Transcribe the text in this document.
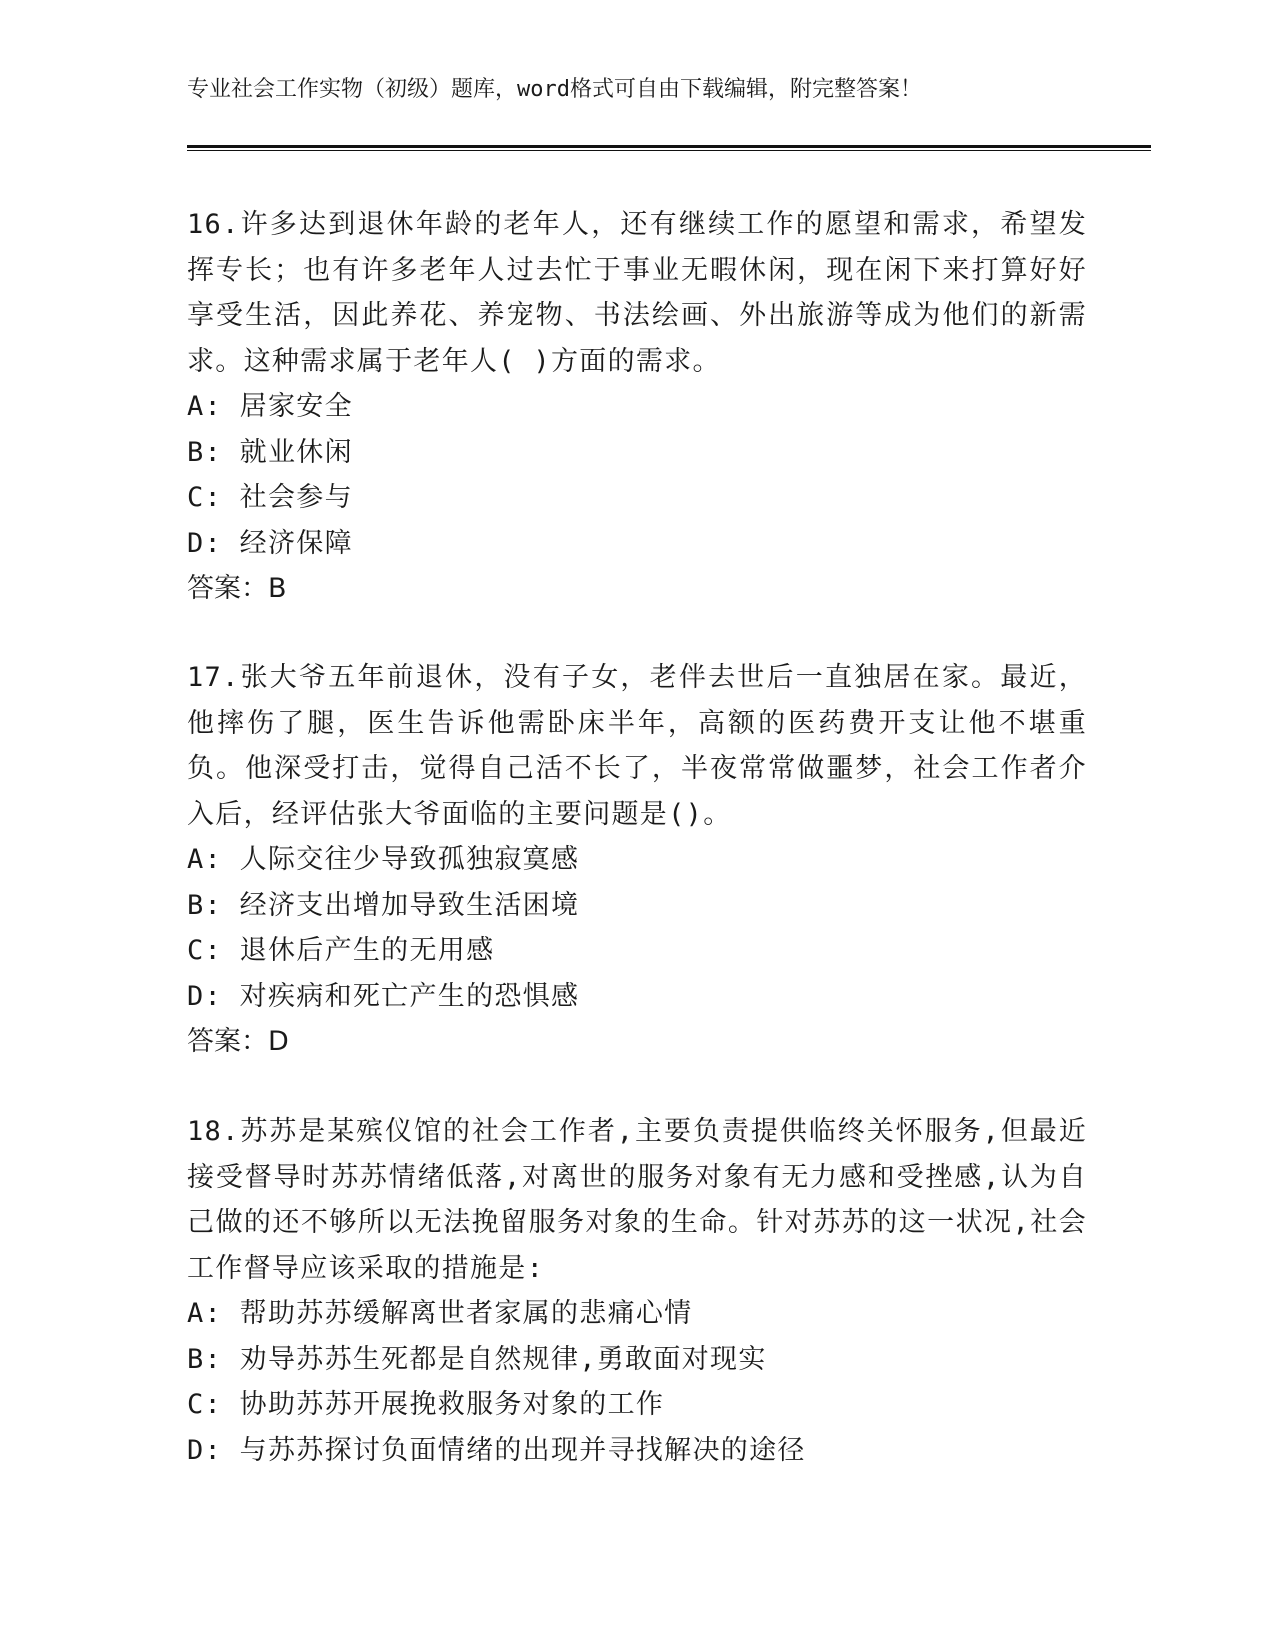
专业社会工作实物（初级）题库，word格式可自由下载编辑，附完整答案！

16.许多达到退休年龄的老年人，还有继续工作的愿望和需求，希望发挥专长；也有许多老年人过去忙于事业无暇休闲，现在闲下来打算好好享受生活，因此养花、养宠物、书法绘画、外出旅游等成为他们的新需求。这种需求属于老年人( )方面的需求。

A: 居家安全

B: 就业休闲

C: 社会参与

D: 经济保障

答案：B

17.张大爷五年前退休，没有子女，老伴去世后一直独居在家。最近，他摔伤了腿，医生告诉他需卧床半年，高额的医药费开支让他不堪重负。他深受打击，觉得自己活不长了，半夜常常做噩梦，社会工作者介入后，经评估张大爷面临的主要问题是()。

A: 人际交往少导致孤独寂寞感

B: 经济支出增加导致生活困境

C: 退休后产生的无用感

D: 对疾病和死亡产生的恐惧感

答案：D

18.苏苏是某殡仪馆的社会工作者,主要负责提供临终关怀服务,但最近接受督导时苏苏情绪低落,对离世的服务对象有无力感和受挫感,认为自己做的还不够所以无法挽留服务对象的生命。针对苏苏的这一状况,社会工作督导应该采取的措施是:

A: 帮助苏苏缓解离世者家属的悲痛心情

B: 劝导苏苏生死都是自然规律,勇敢面对现实

C: 协助苏苏开展挽救服务对象的工作

D: 与苏苏探讨负面情绪的出现并寻找解决的途径
